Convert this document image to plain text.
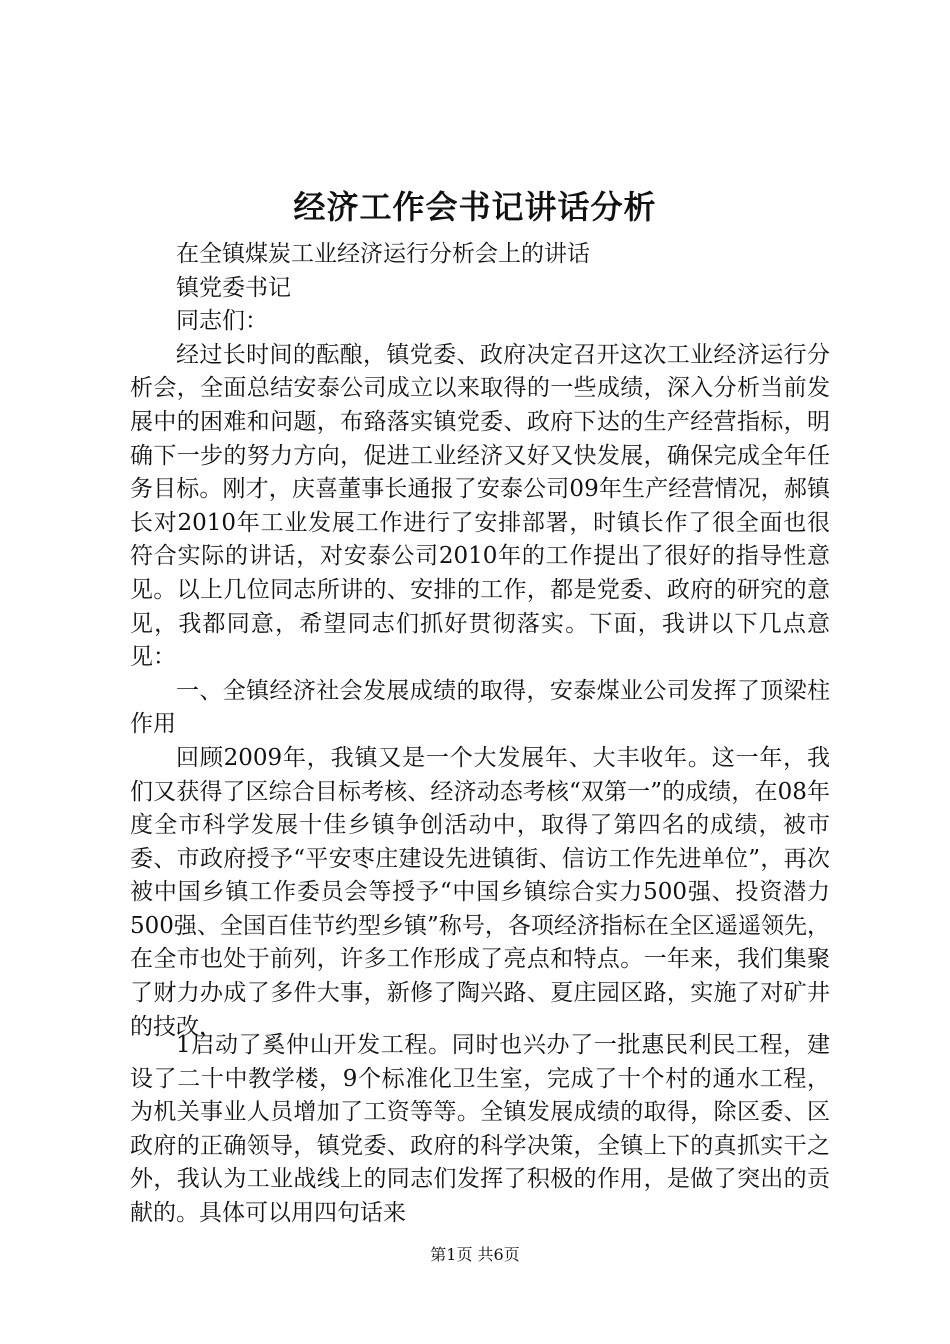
经济工作会书记讲话分析

在全镇煤炭工业经济运行分析会上的讲话

镇党委书记

同志们：

经过长时间的酝酿，镇党委、政府决定召开这次工业经济运行分析会，全面总结安泰公司成立以来取得的一些成绩，深入分析当前发展中的困难和问题，布臵落实镇党委、政府下达的生产经营指标，明确下一步的努力方向，促进工业经济又好又快发展，确保完成全年任务目标。刚才，庆喜董事长通报了安泰公司09年生产经营情况，郝镇长对2010年工业发展工作进行了安排部署，时镇长作了很全面也很符合实际的讲话，对安泰公司2010年的工作提出了很好的指导性意见。以上几位同志所讲的、安排的工作，都是党委、政府的研究的意见，我都同意，希望同志们抓好贯彻落实。下面，我讲以下几点意见：

一、全镇经济社会发展成绩的取得，安泰煤业公司发挥了顶梁柱作用

回顾2009年，我镇又是一个大发展年、大丰收年。这一年，我们又获得了区综合目标考核、经济动态考核“双第一”的成绩，在08年度全市科学发展十佳乡镇争创活动中，取得了第四名的成绩，被市委、市政府授予“平安枣庄建设先进镇街、信访工作先进单位”，再次被中国乡镇工作委员会等授予“中国乡镇综合实力500强、投资潜力500强、全国百佳节约型乡镇”称号，各项经济指标在全区遥遥领先，在全市也处于前列，许多工作形成了亮点和特点。一年来，我们集聚了财力办成了多件大事，新修了陶兴路、夏庄园区路，实施了对矿井的技改，

1启动了奚仲山开发工程。同时也兴办了一批惠民利民工程，建设了二十中教学楼，9个标准化卫生室，完成了十个村的通水工程，为机关事业人员增加了工资等等。全镇发展成绩的取得，除区委、区政府的正确领导，镇党委、政府的科学决策，全镇上下的真抓实干之外，我认为工业战线上的同志们发挥了积极的作用，是做了突出的贡献的。具体可以用四句话来

第1页 共6页
